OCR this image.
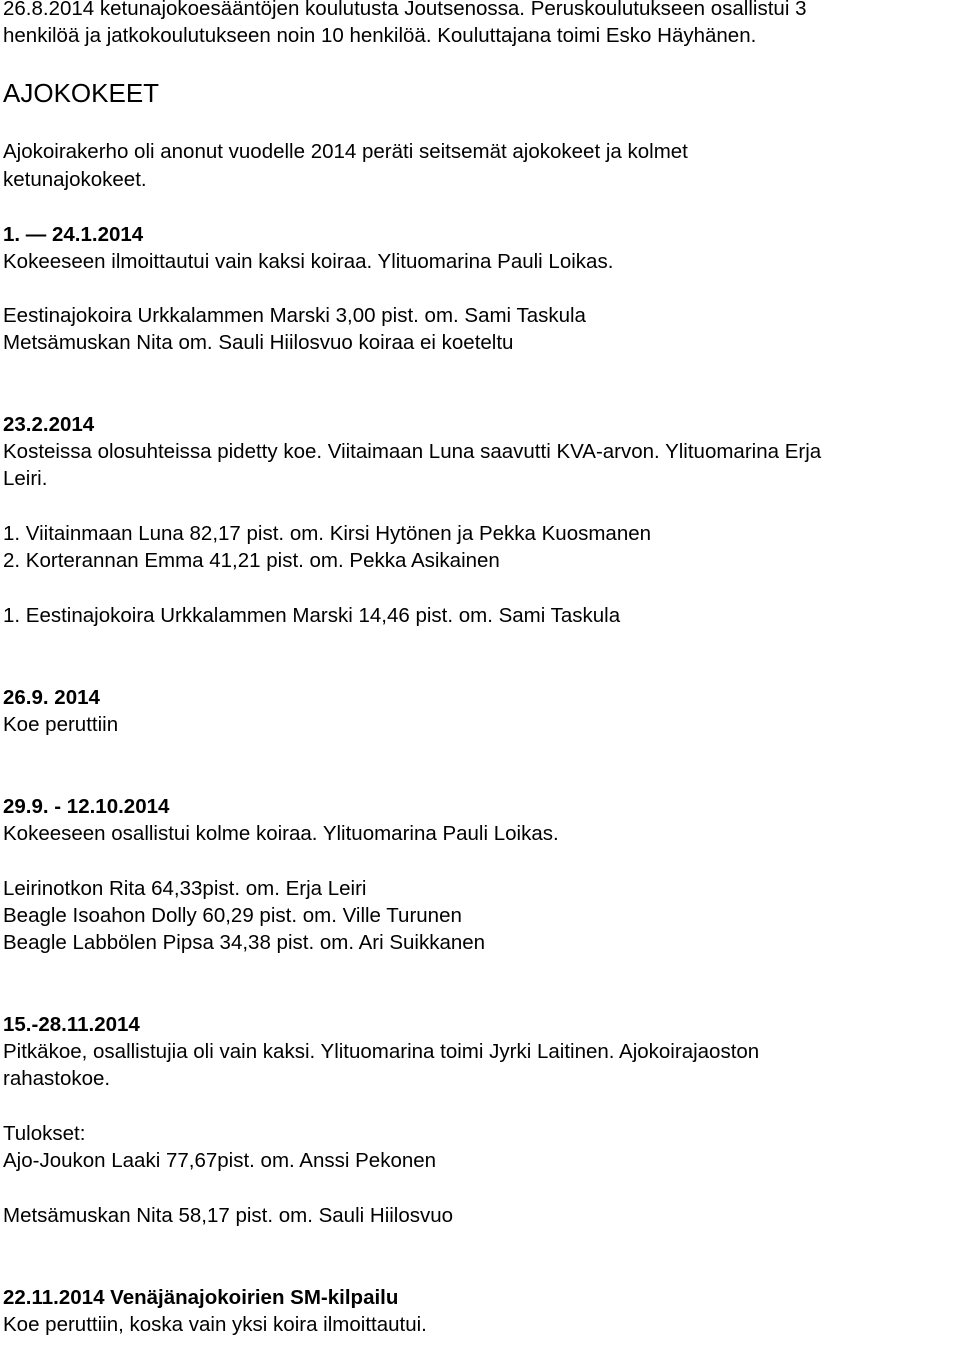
26.8.2014 ketunajokoesääntöjen koulutusta Joutsenossa. Peruskoulutukseen osallistui 3

henkilöä ja jatkokoulutukseen noin 10 henkilöä. Kouluttajana toimi Esko Häyhänen.

AJOKOKEET

Ajokoirakerho oli anonut vuodelle 2014 peräti seitsemät ajokokeet ja kolmet

ketunajokokeet.

1. — 24.1.2014

Kokeeseen ilmoittautui vain kaksi koiraa. Ylituomarina Pauli Loikas.

Eestinajokoira Urkkalammen Marski 3,00 pist. om. Sami Taskula

Metsämuskan Nita om. Sauli Hiilosvuo koiraa ei koeteltu

23.2.2014

Kosteissa olosuhteissa pidetty koe. Viitaimaan Luna saavutti KVA-arvon. Ylituomarina Erja

Leiri.

1. Viitainmaan Luna 82,17 pist. om. Kirsi Hytönen ja Pekka Kuosmanen

2. Korterannan Emma 41,21 pist. om. Pekka Asikainen

1. Eestinajokoira Urkkalammen Marski 14,46 pist. om. Sami Taskula

26.9. 2014

Koe peruttiin

29.9. - 12.10.2014

Kokeeseen osallistui kolme koiraa. Ylituomarina Pauli Loikas.

Leirinotkon Rita 64,33pist. om. Erja Leiri

Beagle Isoahon Dolly 60,29 pist. om. Ville Turunen

Beagle Labbölen Pipsa 34,38 pist. om. Ari Suikkanen

15.-28.11.2014

Pitkäkoe, osallistujia oli vain kaksi. Ylituomarina toimi Jyrki Laitinen. Ajokoirajaoston

rahastokoe.

Tulokset:

Ajo-Joukon Laaki 77,67pist. om. Anssi Pekonen

Metsämuskan Nita 58,17 pist. om. Sauli Hiilosvuo

22.11.2014 Venäjänajokoirien SM-kilpailu

Koe peruttiin, koska vain yksi koira ilmoittautui.
